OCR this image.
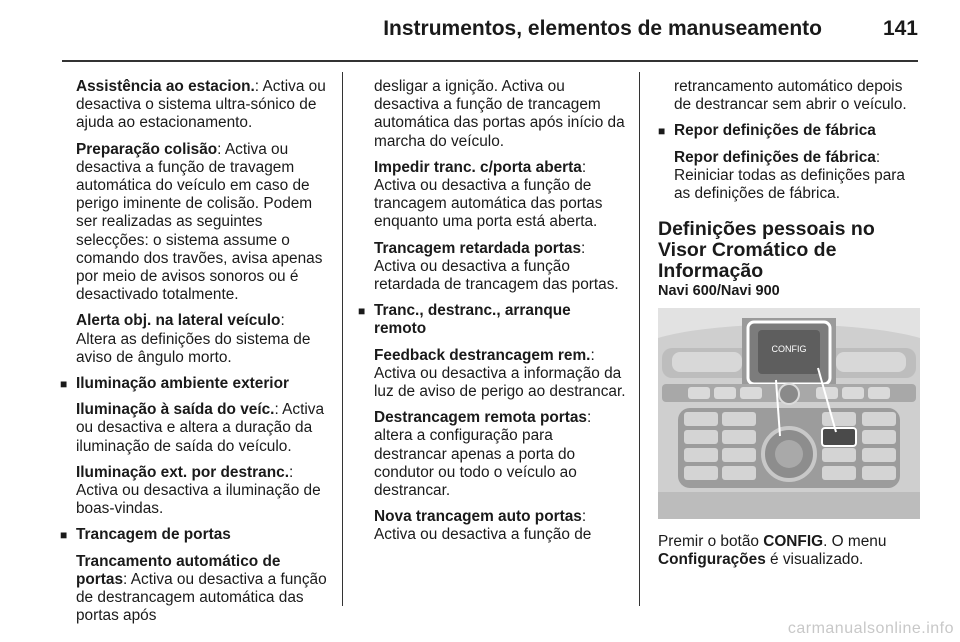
Instrumentos, elementos de manuseamento	141

Assistência ao estacion.: Activa ou desactiva o sistema ultra-sónico de ajuda ao estacionamento.

Preparação colisão: Activa ou desactiva a função de travagem automática do veículo em caso de perigo iminente de colisão. Podem ser realizadas as seguintes selecções: o sistema assume o comando dos travões, avisa apenas por meio de avisos sonoros ou é desactivado totalmente.

Alerta obj. na lateral veículo: Altera as definições do sistema de aviso de ângulo morto.

■ Iluminação ambiente exterior

Iluminação à saída do veíc.: Activa ou desactiva e altera a duração da iluminação de saída do veículo.

Iluminação ext. por destranc.: Activa ou desactiva a iluminação de boas-vindas.

■ Trancagem de portas

Trancamento automático de portas: Activa ou desactiva a função de destrancagem automática das portas após

desligar a ignição. Activa ou desactiva a função de trancagem automática das portas após início da marcha do veículo.

Impedir tranc. c/porta aberta: Activa ou desactiva a função de trancagem automática das portas enquanto uma porta está aberta.

Trancagem retardada portas: Activa ou desactiva a função retardada de trancagem das portas.

■ Tranc., destranc., arranque remoto

Feedback destrancagem rem.: Activa ou desactiva a informação da luz de aviso de perigo ao destrancar.

Destrancagem remota portas: altera a configuração para destrancar apenas a porta do condutor ou todo o veículo ao destrancar.

Nova trancagem auto portas: Activa ou desactiva a função de

retrancamento automático depois de destrancar sem abrir o veículo.

■ Repor definições de fábrica

Repor definições de fábrica: Reiniciar todas as definições para as definições de fábrica.

Definições pessoais no Visor Cromático de Informação
Navi 600/Navi 900
CONFIG

Premir o botão CONFIG. O menu Configurações é visualizado.

carmanualsonline.info
